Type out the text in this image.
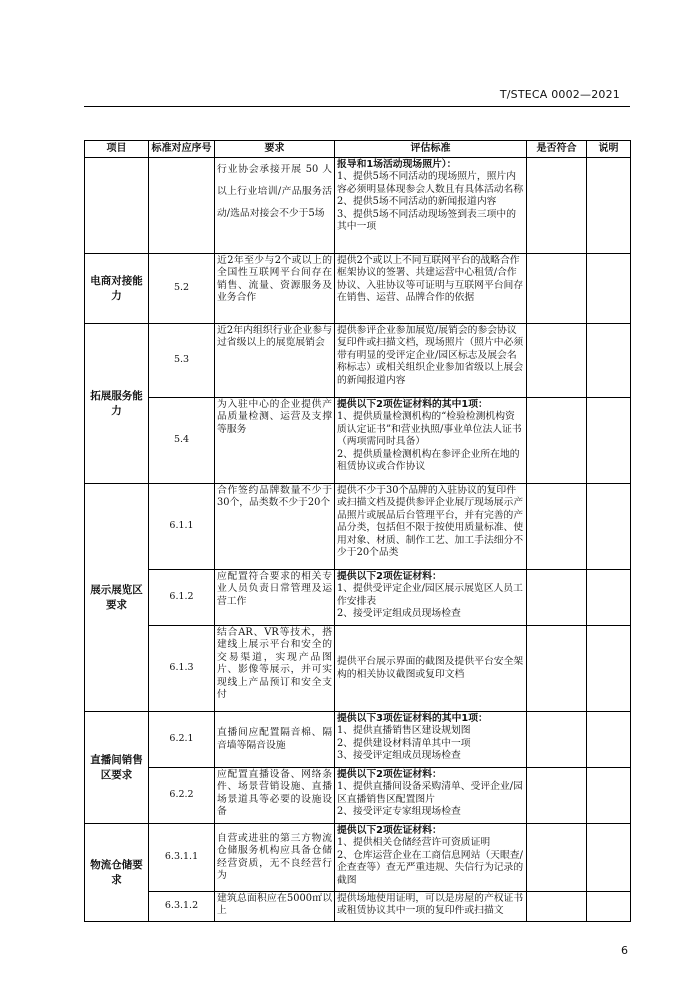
T/STECA 0002—2021
项目	标准对应序号	要求	评估标准	是否符合	说明
		行业协会承接开展 50 人以上行业培训/产品服务活动/选品对接会不少于5场	报导和1场活动现场照片）：
1、提供5场不同活动的现场照片，照片内容必须明显体现参会人数且有具体活动名称
2、提供5场不同活动的新闻报道内容
3、提供5场不同活动现场签到表三项中的其中一项		
电商对接能力	5.2	近2年至少与2个或以上的全国性互联网平台间存在销售、流量、资源服务及业务合作	提供2个或以上不同互联网平台的战略合作框架协议的签署、共建运营中心租赁/合作协议、入驻协议等可证明与互联网平台间存在销售、运营、品牌合作的依据		
拓展服务能力	5.3	近2年内组织行业企业参与过省级以上的展览展销会	提供参评企业参加展览/展销会的参会协议复印件或扫描文档，现场照片（照片中必须带有明显的受评定企业/园区标志及展会名称标志）或相关组织企业参加省级以上展会的新闻报道内容		
	5.4	为入驻中心的企业提供产品质量检测、运营及支撑等服务	提供以下2项佐证材料的其中1项：
1、提供质量检测机构的“检验检测机构资质认定证书”和营业执照/事业单位法人证书（两项需同时具备）
2、提供质量检测机构在参评企业所在地的租赁协议或合作协议		
展示展览区要求	6.1.1	合作签约品牌数量不少于30个，品类数不少于20个	提供不少于30个品牌的入驻协议的复印件或扫描文档及提供参评企业展厅现场展示产品照片或展品后台管理平台，并有完善的产品分类，包括但不限于按使用质量标准、使用对象、材质、制作工艺、加工手法细分不少于20个品类		
	6.1.2	应配置符合要求的相关专业人员负责日常管理及运营工作	提供以下2项佐证材料：
1、提供受评定企业/园区展示展览区人员工作安排表
2、接受评定组成员现场检查		
	6.1.3	结合AR、VR等技术，搭建线上展示平台和安全的交易渠道，实现产品图片、影像等展示，并可实现线上产品预订和安全支付	提供平台展示界面的截图及提供平台安全架构的相关协议截图或复印文档		
直播间销售区要求	6.2.1	直播间应配置隔音棉、隔音墙等隔音设施	提供以下3项佐证材料的其中1项：
1、提供直播销售区建设规划图
2、提供建设材料清单其中一项
3、接受评定组成员现场检查		
	6.2.2	应配置直播设备、网络条件、场景营销设施、直播场景道具等必要的设施设备	提供以下2项佐证材料：
1、提供直播间设备采购清单、受评企业/园区直播销售区配置图片
2、接受评定专家组现场检查		
物流仓储要求	6.3.1.1	自营或进驻的第三方物流仓储服务机构应具备仓储经营资质，无不良经营行为	提供以下2项佐证材料：
1、提供相关仓储经营许可资质证明
2、仓库运营企业在工商信息网站（天眼查/企查查等）查无严重违规、失信行为记录的截图		
	6.3.1.2	建筑总面积应在5000㎡以上	提供场地使用证明，可以是房屋的产权证书或租赁协议其中一项的复印件或扫描文		
6
